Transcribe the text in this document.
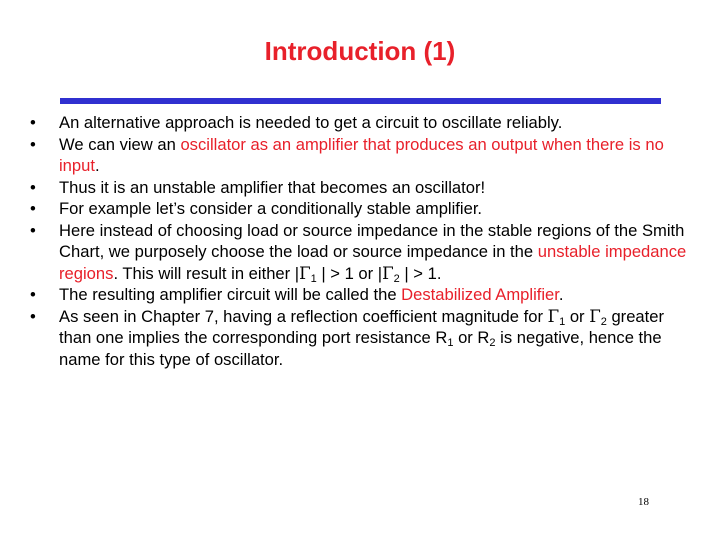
Introduction (1)
• An alternative approach is needed to get a circuit to oscillate reliably.
• We can view an oscillator as an amplifier that produces an output when there is no input.
• Thus it is an unstable amplifier that becomes an oscillator!
• For example let’s consider a conditionally stable amplifier.
• Here instead of choosing load or source impedance in the stable regions of the Smith Chart, we purposely choose the load or source impedance in the unstable impedance regions. This will result in either $|\Gamma_1$ | > 1 or $|\Gamma_2$ | > 1.
• The resulting amplifier circuit will be called the Destabilized Amplifier.
• As seen in Chapter 7, having a reflection coefficient magnitude for $\Gamma_1$ or $\Gamma_2$ greater than one implies the corresponding port resistance $R_1$ or $R_2$ is negative, hence the name for this type of oscillator.
18
